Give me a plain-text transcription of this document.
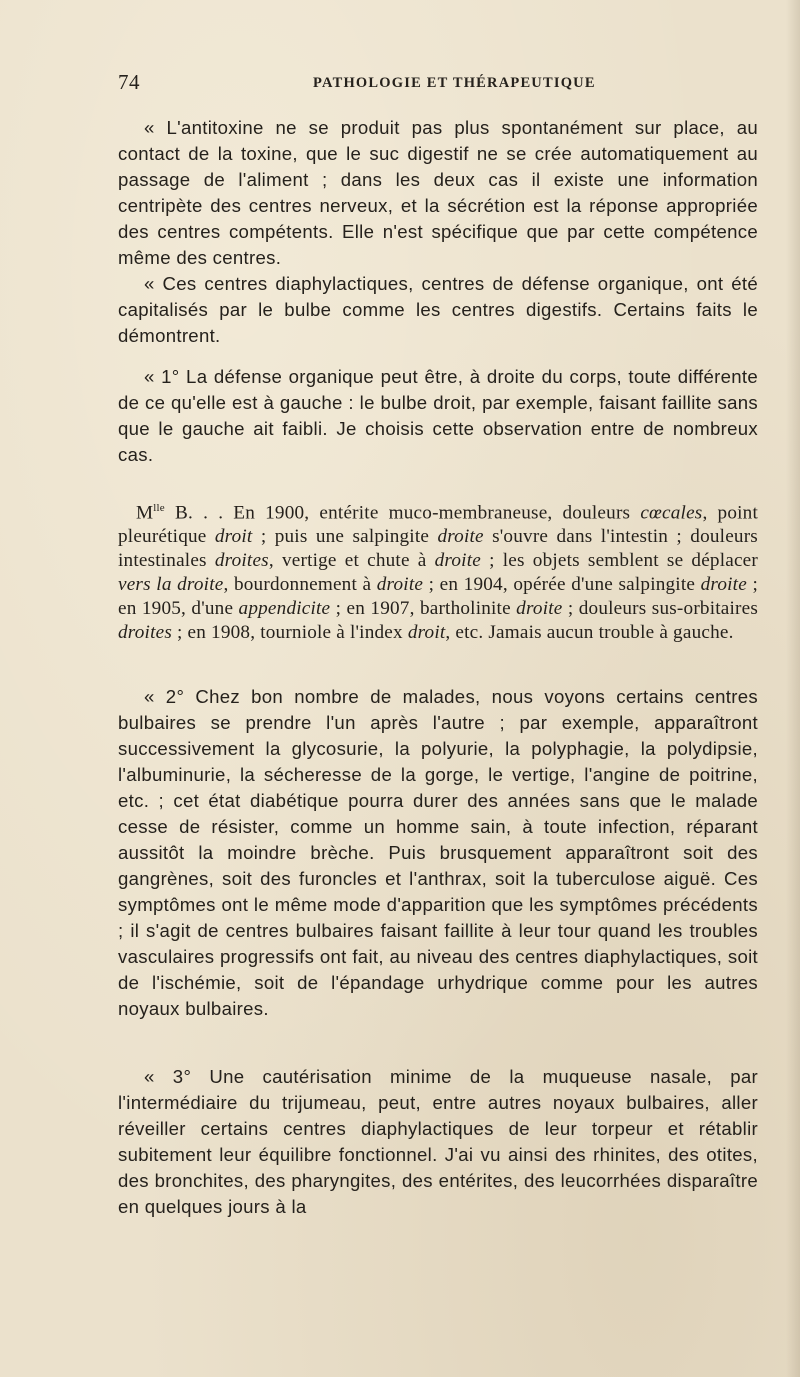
74	PATHOLOGIE ET THÉRAPEUTIQUE

« L'antitoxine ne se produit pas plus spontanément sur place, au contact de la toxine, que le suc digestif ne se crée automatiquement au passage de l'aliment ; dans les deux cas il existe une information centripète des centres nerveux, et la sécrétion est la réponse appropriée des centres compétents. Elle n'est spécifique que par cette compétence même des centres.

« Ces centres diaphylactiques, centres de défense organique, ont été capitalisés par le bulbe comme les centres digestifs. Certains faits le démontrent.

« 1° La défense organique peut être, à droite du corps, toute différente de ce qu'elle est à gauche : le bulbe droit, par exemple, faisant faillite sans que le gauche ait faibli. Je choisis cette observation entre de nombreux cas.

$M^{lle}$ B. . . En 1900, entérite muco-membraneuse, douleurs cœcales, point pleurétique droit ; puis une salpingite droite s'ouvre dans l'intestin ; douleurs intestinales droites, vertige et chute à droite ; les objets semblent se déplacer vers la droite, bourdonnement à droite ; en 1904, opérée d'une salpingite droite ; en 1905, d'une appendicite ; en 1907, bartholinite droite ; douleurs sus-orbitaires droites ; en 1908, tourniole à l'index droit, etc. Jamais aucun trouble à gauche.

« 2° Chez bon nombre de malades, nous voyons certains centres bulbaires se prendre l'un après l'autre ; par exemple, apparaîtront successivement la glycosurie, la polyurie, la polyphagie, la polydipsie, l'albuminurie, la sécheresse de la gorge, le vertige, l'angine de poitrine, etc. ; cet état diabétique pourra durer des années sans que le malade cesse de résister, comme un homme sain, à toute infection, réparant aussitôt la moindre brèche. Puis brusquement apparaîtront soit des gangrènes, soit des furoncles et l'anthrax, soit la tuberculose aiguë. Ces symptômes ont le même mode d'apparition que les symptômes précédents ; il s'agit de centres bulbaires faisant faillite à leur tour quand les troubles vasculaires progressifs ont fait, au niveau des centres diaphylactiques, soit de l'ischémie, soit de l'épandage urhydrique comme pour les autres noyaux bulbaires.

« 3° Une cautérisation minime de la muqueuse nasale, par l'intermédiaire du trijumeau, peut, entre autres noyaux bulbaires, aller réveiller certains centres diaphylactiques de leur torpeur et rétablir subitement leur équilibre fonctionnel. J'ai vu ainsi des rhinites, des otites, des bronchites, des pharyngites, des entérites, des leucorrhées disparaître en quelques jours à la
